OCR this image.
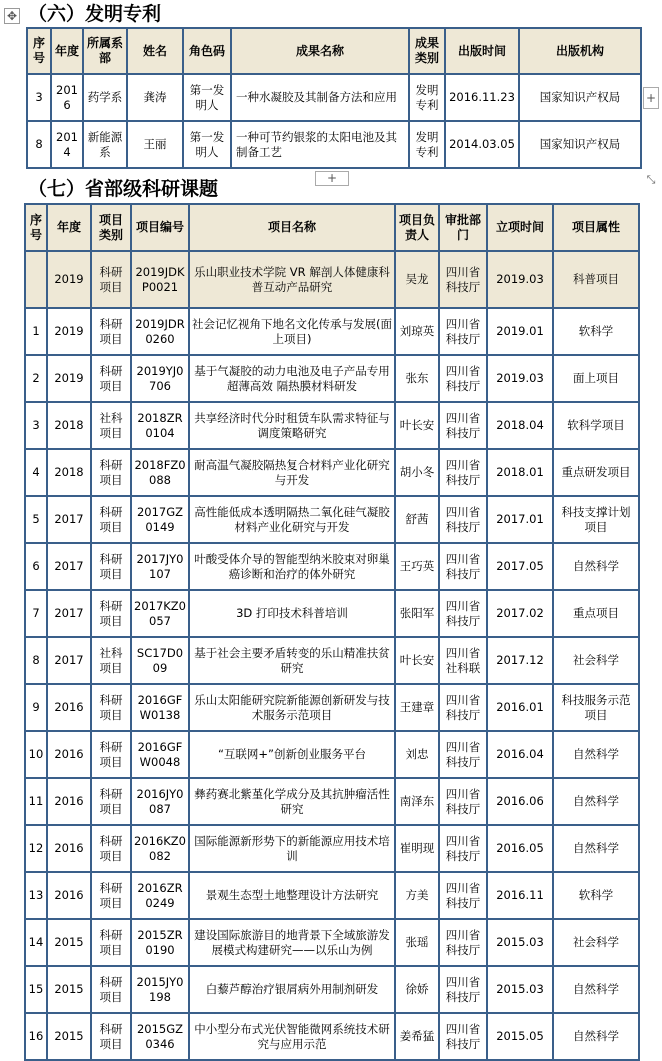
✥ （六）发明专利
序号	年度	所属系部	姓名	角色码	成果名称	成果类别	出版时间	出版机构
3	2016	药学系	龚涛	第一发明人	一种水凝胶及其制备方法和应用	发明专利	2016.11.23	国家知识产权局
8	2014	新能源系	王丽	第一发明人	一种可节约银浆的太阳电池及其制备工艺	发明专利	2014.03.05	国家知识产权局
+
+	⤡
（七）省部级科研课题
序号	年度	项目类别	项目编号	项目名称	项目负责人	审批部门	立项时间	项目属性
	2019	科研项目	2019JDKP0021	乐山职业技术学院 VR 解剖人体健康科普互动产品研究	吴龙	四川省科技厅	2019.03	科普项目
1	2019	科研项目	2019JDR0260	社会记忆视角下地名文化传承与发展(面上项目)	刘琼英	四川省科技厅	2019.01	软科学
2	2019	科研项目	2019YJ0706	基于气凝胶的动力电池及电子产品专用超薄高效 隔热膜材料研发	张东	四川省科技厅	2019.03	面上项目
3	2018	社科项目	2018ZR0104	共享经济时代分时租赁车队需求特征与调度策略研究	叶长安	四川省科技厅	2018.04	软科学项目
4	2018	科研项目	2018FZ0088	耐高温气凝胶隔热复合材料产业化研究与开发	胡小冬	四川省科技厅	2018.01	重点研发项目
5	2017	科研项目	2017GZ0149	高性能低成本透明隔热二氧化硅气凝胶材料产业化研究与开发	舒茜	四川省科技厅	2017.01	科技支撑计划项目
6	2017	科研项目	2017JY0107	叶酸受体介导的智能型纳米胶束对卵巢癌诊断和治疗的体外研究	王巧英	四川省科技厅	2017.05	自然科学
7	2017	科研项目	2017KZ0057	3D 打印技术科普培训	张阳军	四川省科技厅	2017.02	重点项目
8	2017	社科项目	SC17D009	基于社会主要矛盾转变的乐山精准扶贫研究	叶长安	四川省社科联	2017.12	社会科学
9	2016	科研项目	2016GFW0138	乐山太阳能研究院新能源创新研发与技术服务示范项目	王建章	四川省科技厅	2016.01	科技服务示范项目
10	2016	科研项目	2016GFW0048	“互联网+”创新创业服务平台	刘忠	四川省科技厅	2016.04	自然科学
11	2016	科研项目	2016JY0087	彝药赛北紫堇化学成分及其抗肿瘤活性研究	南泽东	四川省科技厅	2016.06	自然科学
12	2016	科研项目	2016KZ0082	国际能源新形势下的新能源应用技术培训	崔明现	四川省科技厅	2016.05	自然科学
13	2016	科研项目	2016ZR0249	景观生态型土地整理设计方法研究	方美	四川省科技厅	2016.11	软科学
14	2015	科研项目	2015ZR0190	建设国际旅游目的地背景下全域旅游发展模式构建研究——以乐山为例	张瑶	四川省科技厅	2015.03	社会科学
15	2015	科研项目	2015JY0198	白藜芦醇治疗银屑病外用制剂研发	徐娇	四川省科技厅	2015.03	自然科学
16	2015	科研项目	2015GZ0346	中小型分布式光伏智能微网系统技术研究与应用示范	姜希猛	四川省科技厅	2015.05	自然科学
